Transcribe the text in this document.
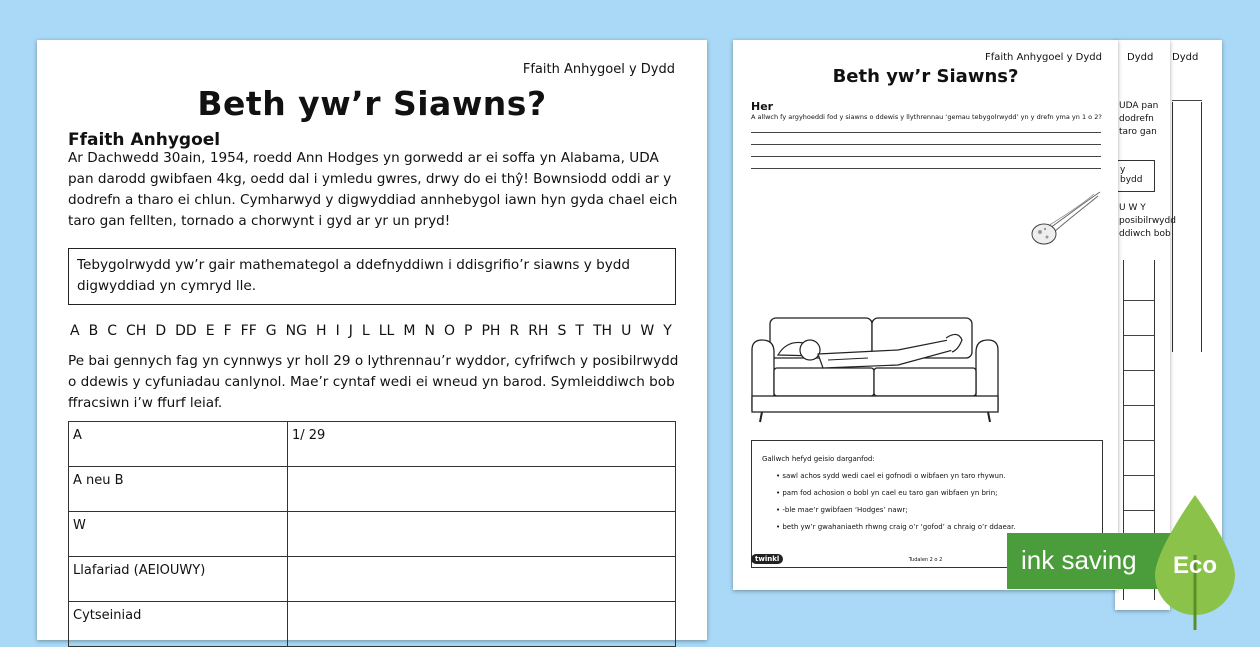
Dydd
Dydd
UDA pan
dodrefn
taro gan
y bydd
U W Y
posibilrwydd
ddiwch bob
Ffaith Anhygoel y Dydd
Beth yw’r Siawns?
Her
A allwch fy argyhoeddi fod y siawns o ddewis y llythrennau ‘gemau tebygolrwydd’ yn y drefn yma yn 1 o 2?
Gallwch hefyd geisio darganfod:
• sawl achos sydd wedi cael ei gofnodi o wibfaen yn taro rhywun.
• pam fod achosion o bobl yn cael eu taro gan wibfaen yn brin;
• -ble mae’r gwibfaen ‘Hodges’ nawr;
• beth yw’r gwahaniaeth rhwng craig o’r ‘gofod’ a chraig o’r ddaear.
twinkl	Tudalen 2 o 2
Ffaith Anhygoel y Dydd
Beth yw’r Siawns?
Ffaith Anhygoel
Ar Dachwedd 30ain, 1954, roedd Ann Hodges yn gorwedd ar ei soffa yn Alabama, UDA pan darodd gwibfaen 4kg, oedd dal i ymledu gwres, drwy do ei thŷ! Bownsiodd oddi ar y dodrefn a tharo ei chlun. Cymharwyd y digwyddiad annhebygol iawn hyn gyda chael eich taro gan fellten, tornado a chorwynt i gyd ar yr un pryd!
Tebygolrwydd yw’r gair mathemategol a ddefnyddiwn i ddisgrifio’r siawns y bydd digwyddiad yn cymryd lle.
A B C CH D DD E F FF G NG H I J L LL M N O P PH R RH S T TH U W Y
Pe bai gennych fag yn cynnwys yr holl 29 o lythrennau’r wyddor, cyfrifwch y posibilrwydd o ddewis y cyfuniadau canlynol. Mae’r cyntaf wedi ei wneud yn barod. Symleiddiwch bob ffracsiwn i’w ffurf leiaf.
A	1/ 29
A neu B	
W	
Llafariad (AEIOUWY)	
Cytseiniad	
ink saving Eco
